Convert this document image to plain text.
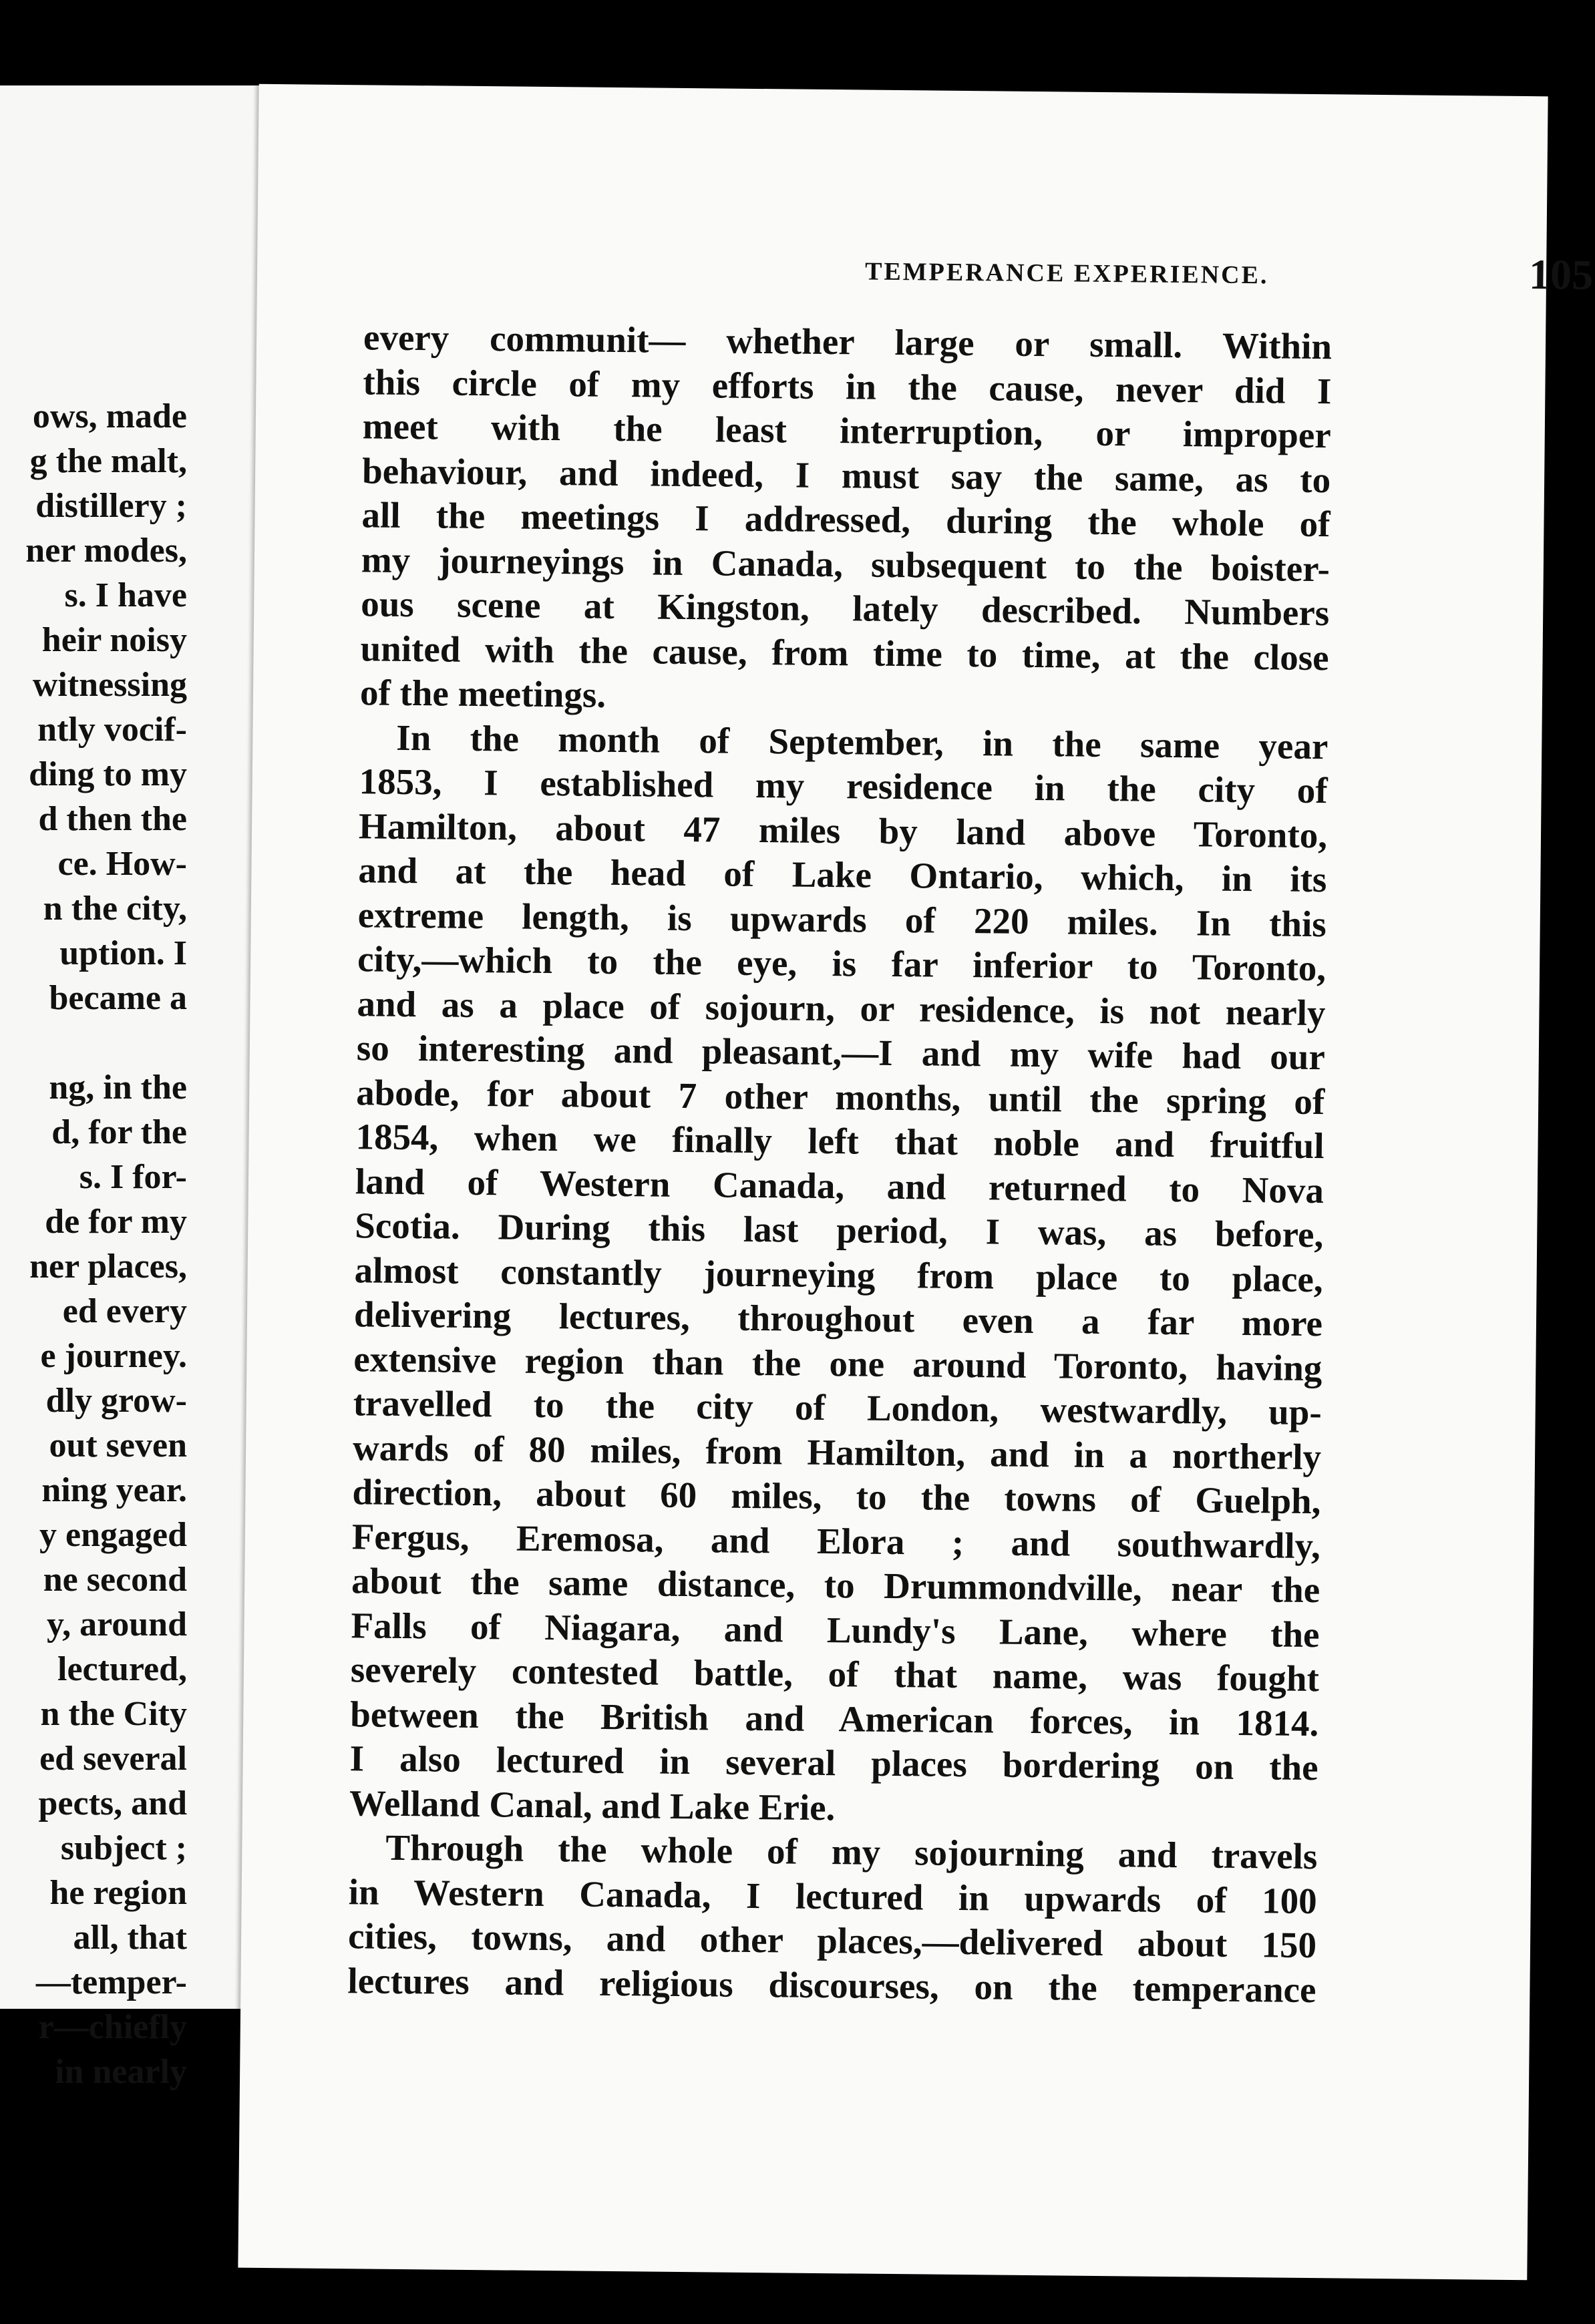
ows, made
g the malt,
distillery ;
ner modes,
s. I have
heir noisy
witnessing
ntly vocif-
ding to my
d then the
ce. How-
n the city,
uption. I
became a
ng, in the
d, for the
s. I for-
de for my
ner places,
ed every
e journey.
dly grow-
out seven
ning year.
y engaged
ne second
y, around
lectured,
n the City
ed several
pects, and
subject ;
he region
all, that
—temper-
r—chiefly
in nearly
TEMPERANCE EXPERIENCE.	105
every communit— whether large or small. Within
this circle of my efforts in the cause, never did I
meet with the least interruption, or improper
behaviour, and indeed, I must say the same, as to
all the meetings I addressed, during the whole of
my journeyings in Canada, subsequent to the boister-
ous scene at Kingston, lately described. Numbers
united with the cause, from time to time, at the close
of the meetings.
In the month of September, in the same year
1853, I established my residence in the city of
Hamilton, about 47 miles by land above Toronto,
and at the head of Lake Ontario, which, in its
extreme length, is upwards of 220 miles. In this
city,—which to the eye, is far inferior to Toronto,
and as a place of sojourn, or residence, is not nearly
so interesting and pleasant,—I and my wife had our
abode, for about 7 other months, until the spring of
1854, when we finally left that noble and fruitful
land of Western Canada, and returned to Nova
Scotia. During this last period, I was, as before,
almost constantly journeying from place to place,
delivering lectures, throughout even a far more
extensive region than the one around Toronto, having
travelled to the city of London, westwardly, up-
wards of 80 miles, from Hamilton, and in a northerly
direction, about 60 miles, to the towns of Guelph,
Fergus, Eremosa, and Elora ; and southwardly,
about the same distance, to Drummondville, near the
Falls of Niagara, and Lundy's Lane, where the
severely contested battle, of that name, was fought
between the British and American forces, in 1814.
I also lectured in several places bordering on the
Welland Canal, and Lake Erie.
Through the whole of my sojourning and travels
in Western Canada, I lectured in upwards of 100
cities, towns, and other places,—delivered about 150
lectures and religious discourses, on the temperance
